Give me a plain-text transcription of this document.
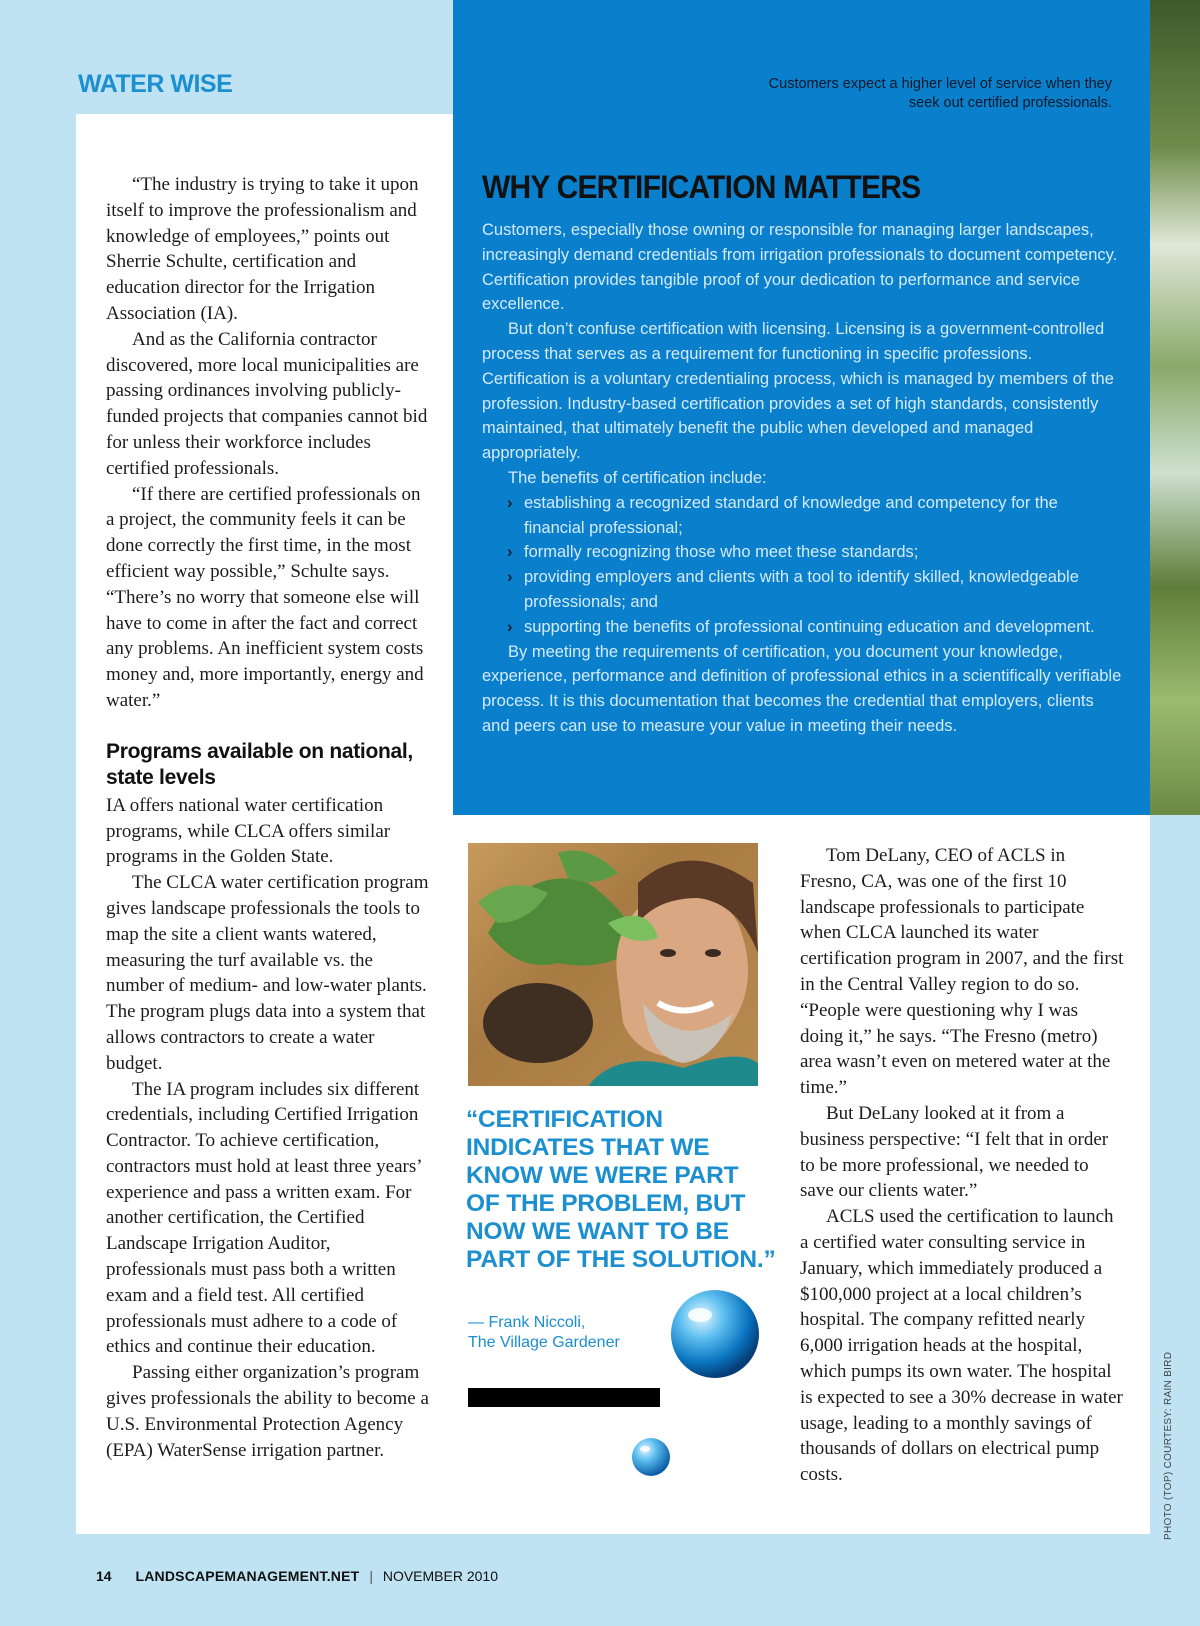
WATER WISE	Customers expect a higher level of service when they seek out certified professionals.
WHY CERTIFICATION MATTERS

Customers, especially those owning or responsible for managing larger landscapes, increasingly demand credentials from irrigation professionals to document competency. Certification provides tangible proof of your dedication to performance and service excellence.

But don’t confuse certification with licensing. Licensing is a government-controlled process that serves as a requirement for functioning in specific professions. Certification is a voluntary credentialing process, which is managed by members of the profession. Industry-based certification provides a set of high standards, consistently maintained, that ultimately benefit the public when developed and managed appropriately.

The benefits of certification include:

› establishing a recognized standard of knowledge and competency for the financial professional;
› formally recognizing those who meet these standards;
› providing employers and clients with a tool to identify skilled, knowledgeable professionals; and
› supporting the benefits of professional continuing education and development.

By meeting the requirements of certification, you document your knowledge, experience, performance and definition of professional ethics in a scientifically verifiable process. It is this documentation that becomes the credential that employers, clients and peers can use to measure your value in meeting their needs.

“The industry is trying to take it upon itself to improve the professionalism and knowledge of employees,” points out Sherrie Schulte, certification and education director for the Irrigation Association (IA).

And as the California contractor discovered, more local municipalities are passing ordinances involving publicly-funded projects that companies cannot bid for unless their workforce includes certified professionals.

“If there are certified professionals on a project, the community feels it can be done correctly the first time, in the most efficient way possible,” Schulte says. “There’s no worry that someone else will have to come in after the fact and correct any problems. An inefficient system costs money and, more importantly, energy and water.”

Programs available on national, state levels

IA offers national water certification programs, while CLCA offers similar programs in the Golden State.

The CLCA water certification program gives landscape professionals the tools to map the site a client wants watered, measuring the turf available vs. the number of medium- and low-water plants. The program plugs data into a system that allows contractors to create a water budget.

The IA program includes six different credentials, including Certified Irrigation Contractor. To achieve certification, contractors must hold at least three years’ experience and pass a written exam. For another certification, the Certified Landscape Irrigation Auditor, professionals must pass both a written exam and a field test. All certified professionals must adhere to a code of ethics and continue their education.

Passing either organization’s program gives professionals the ability to become a U.S. Environmental Protection Agency (EPA) WaterSense irrigation partner.

“CERTIFICATION INDICATES THAT WE KNOW WE WERE PART OF THE PROBLEM, BUT NOW WE WANT TO BE PART OF THE SOLUTION.”
— Frank Niccoli,
The Village Gardener

Tom DeLany, CEO of ACLS in Fresno, CA, was one of the first 10 landscape professionals to participate when CLCA launched its water certification program in 2007, and the first in the Central Valley region to do so. “People were questioning why I was doing it,” he says. “The Fresno (metro) area wasn’t even on metered water at the time.”

But DeLany looked at it from a business perspective: “I felt that in order to be more professional, we needed to save our clients water.”

ACLS used the certification to launch a certified water consulting service in January, which immediately produced a $100,000 project at a local children’s hospital. The company refitted nearly 6,000 irrigation heads at the hospital, which pumps its own water. The hospital is expected to see a 30% decrease in water usage, leading to a monthly savings of thousands of dollars on electrical pump costs.	PHOTO (TOP) COURTESY: RAIN BIRD
14 LANDSCAPEMANAGEMENT.NET | NOVEMBER 2010
